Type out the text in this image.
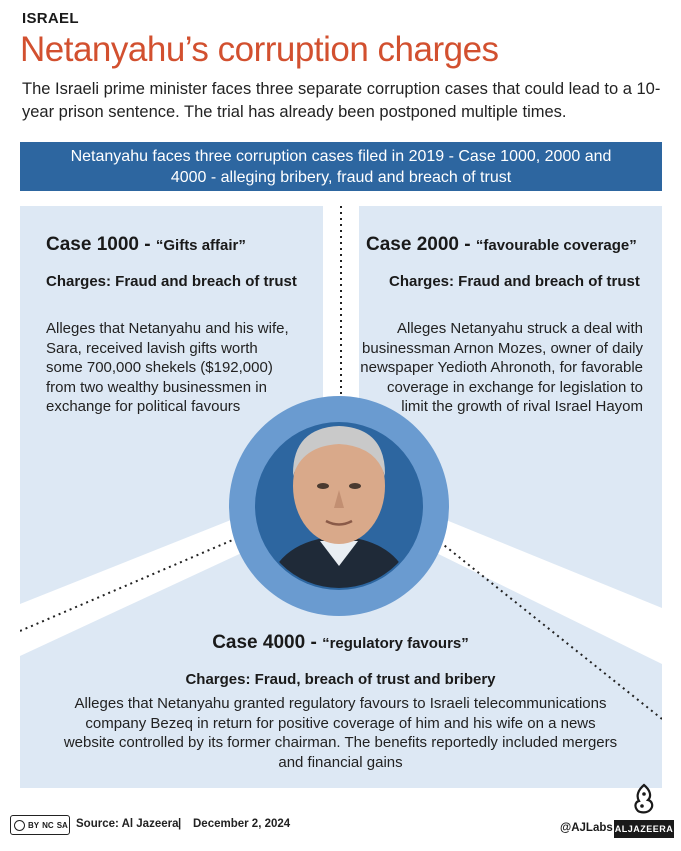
ISRAEL
Netanyahu’s corruption charges
The Israeli prime minister faces three separate corruption cases that could lead to a 10-year prison sentence. The trial has already been postponed multiple times.
Netanyahu faces three corruption cases filed in 2019 - Case 1000, 2000 and 4000 - alleging bribery, fraud and breach of trust
Case 1000 - “Gifts affair”
Charges: Fraud and breach of trust
Alleges that Netanyahu and his wife, Sara, received lavish gifts worth some 700,000 shekels ($192,000) from two wealthy businessmen in exchange for political favours
Case 2000 - “favourable coverage”
Charges: Fraud and breach of trust
Alleges Netanyahu struck a deal with businessman Arnon Mozes, owner of daily newspaper Yedioth Ahronoth, for favorable coverage in exchange for legislation to limit the growth of rival Israel Hayom
Case 4000 - “regulatory favours”
Charges: Fraud, breach of trust and bribery
Alleges that Netanyahu granted regulatory favours to Israeli telecommunications company Bezeq in return for positive coverage of him and his wife on a news website controlled by its former chairman. The benefits reportedly included mergers and financial gains
BY NC SA Source: Al Jazeera | December 2, 2024	@AJLabs ALJAZEERA
